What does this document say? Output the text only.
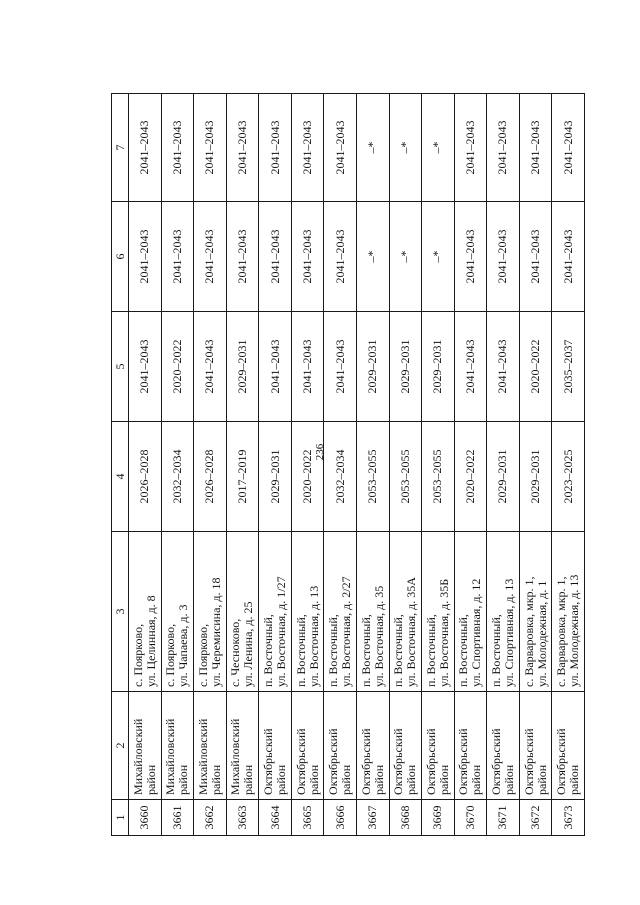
236
1	2	3	4	5	6	7
3660	Михайловский район	с. Поярково, ул. Целинная, д. 8	2026–2028	2041–2043	2041–2043	2041–2043
3661	Михайловский район	с. Поярково, ул. Чапаева, д. 3	2032–2034	2020–2022	2041–2043	2041–2043
3662	Михайловский район	с. Поярково, ул. Черемисина, д. 18	2026–2028	2041–2043	2041–2043	2041–2043
3663	Михайловский район	с. Чесноково, ул. Ленина, д. 25	2017–2019	2029–2031	2041–2043	2041–2043
3664	Октябрьский район	п. Восточный, ул. Восточная, д. 1/27	2029–2031	2041–2043	2041–2043	2041–2043
3665	Октябрьский район	п. Восточный, ул. Восточная, д. 13	2020–2022	2041–2043	2041–2043	2041–2043
3666	Октябрьский район	п. Восточный, ул. Восточная, д. 2/27	2032–2034	2041–2043	2041–2043	2041–2043
3667	Октябрьский район	п. Восточный, ул. Восточная, д. 35	2053–2055	2029–2031	–*	–*
3668	Октябрьский район	п. Восточный, ул. Восточная, д. 35А	2053–2055	2029–2031	–*	–*
3669	Октябрьский район	п. Восточный, ул. Восточная, д. 35Б	2053–2055	2029–2031	–*	–*
3670	Октябрьский район	п. Восточный, ул. Спортивная, д. 12	2020–2022	2041–2043	2041–2043	2041–2043
3671	Октябрьский район	п. Восточный, ул. Спортивная, д. 13	2029–2031	2041–2043	2041–2043	2041–2043
3672	Октябрьский район	с. Варваровка, мкр. 1, ул. Молодежная, д. 1	2029–2031	2020–2022	2041–2043	2041–2043
3673	Октябрьский район	с. Варваровка, мкр. 1, ул. Молодежная, д. 13	2023–2025	2035–2037	2041–2043	2041–2043
